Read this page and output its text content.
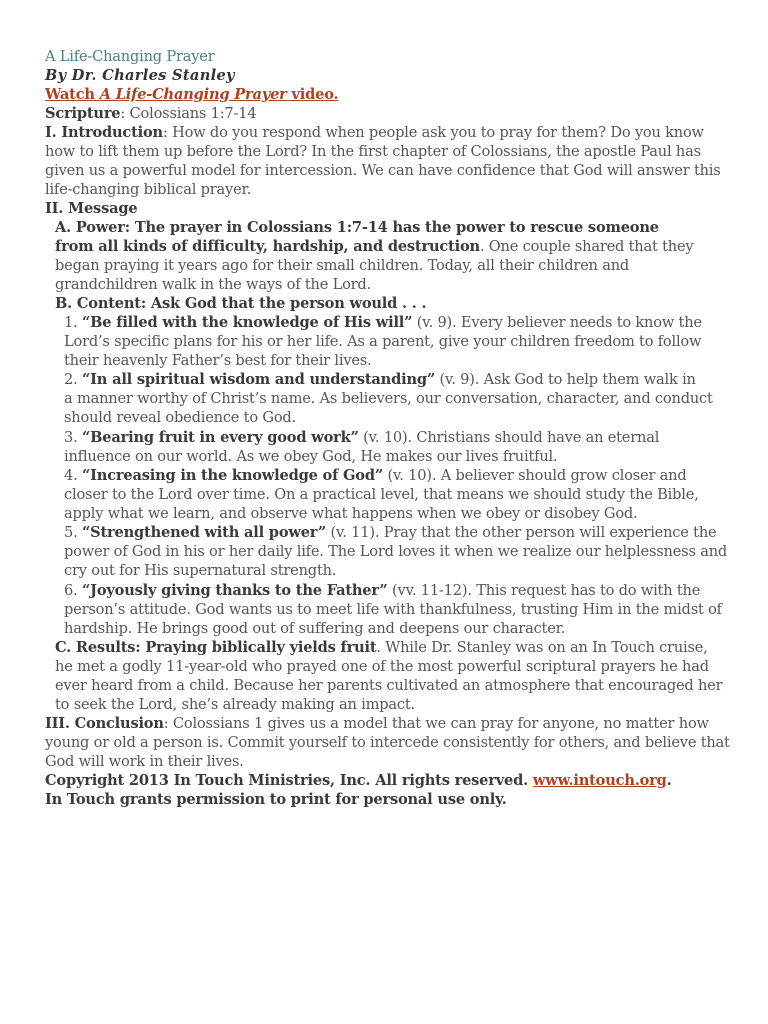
A Life-Changing Prayer
By Dr. Charles Stanley
Watch A Life-Changing Prayer video.
Scripture: Colossians 1:7-14
I. Introduction: How do you respond when people ask you to pray for them? Do you know
how to lift them up before the Lord? In the first chapter of Colossians, the apostle Paul has
given us a powerful model for intercession. We can have confidence that God will answer this
life-changing biblical prayer.
II. Message
A. Power: The prayer in Colossians 1:7-14 has the power to rescue someone
from all kinds of difficulty, hardship, and destruction. One couple shared that they
began praying it years ago for their small children. Today, all their children and
grandchildren walk in the ways of the Lord.
B. Content: Ask God that the person would . . .
1. “Be filled with the knowledge of His will” (v. 9). Every believer needs to know the
Lord’s specific plans for his or her life. As a parent, give your children freedom to follow
their heavenly Father’s best for their lives.
2. “In all spiritual wisdom and understanding” (v. 9). Ask God to help them walk in
a manner worthy of Christ’s name. As believers, our conversation, character, and conduct
should reveal obedience to God.
3. “Bearing fruit in every good work” (v. 10). Christians should have an eternal
influence on our world. As we obey God, He makes our lives fruitful.
4. “Increasing in the knowledge of God” (v. 10). A believer should grow closer and
closer to the Lord over time. On a practical level, that means we should study the Bible,
apply what we learn, and observe what happens when we obey or disobey God.
5. “Strengthened with all power” (v. 11). Pray that the other person will experience the
power of God in his or her daily life. The Lord loves it when we realize our helplessness and
cry out for His supernatural strength.
6. “Joyously giving thanks to the Father” (vv. 11-12). This request has to do with the
person’s attitude. God wants us to meet life with thankfulness, trusting Him in the midst of
hardship. He brings good out of suffering and deepens our character.
C. Results: Praying biblically yields fruit. While Dr. Stanley was on an In Touch cruise,
he met a godly 11-year-old who prayed one of the most powerful scriptural prayers he had
ever heard from a child. Because her parents cultivated an atmosphere that encouraged her
to seek the Lord, she’s already making an impact.
III. Conclusion: Colossians 1 gives us a model that we can pray for anyone, no matter how
young or old a person is. Commit yourself to intercede consistently for others, and believe that
God will work in their lives.
Copyright 2013 In Touch Ministries, Inc. All rights reserved. www.intouch.org.
In Touch grants permission to print for personal use only.
